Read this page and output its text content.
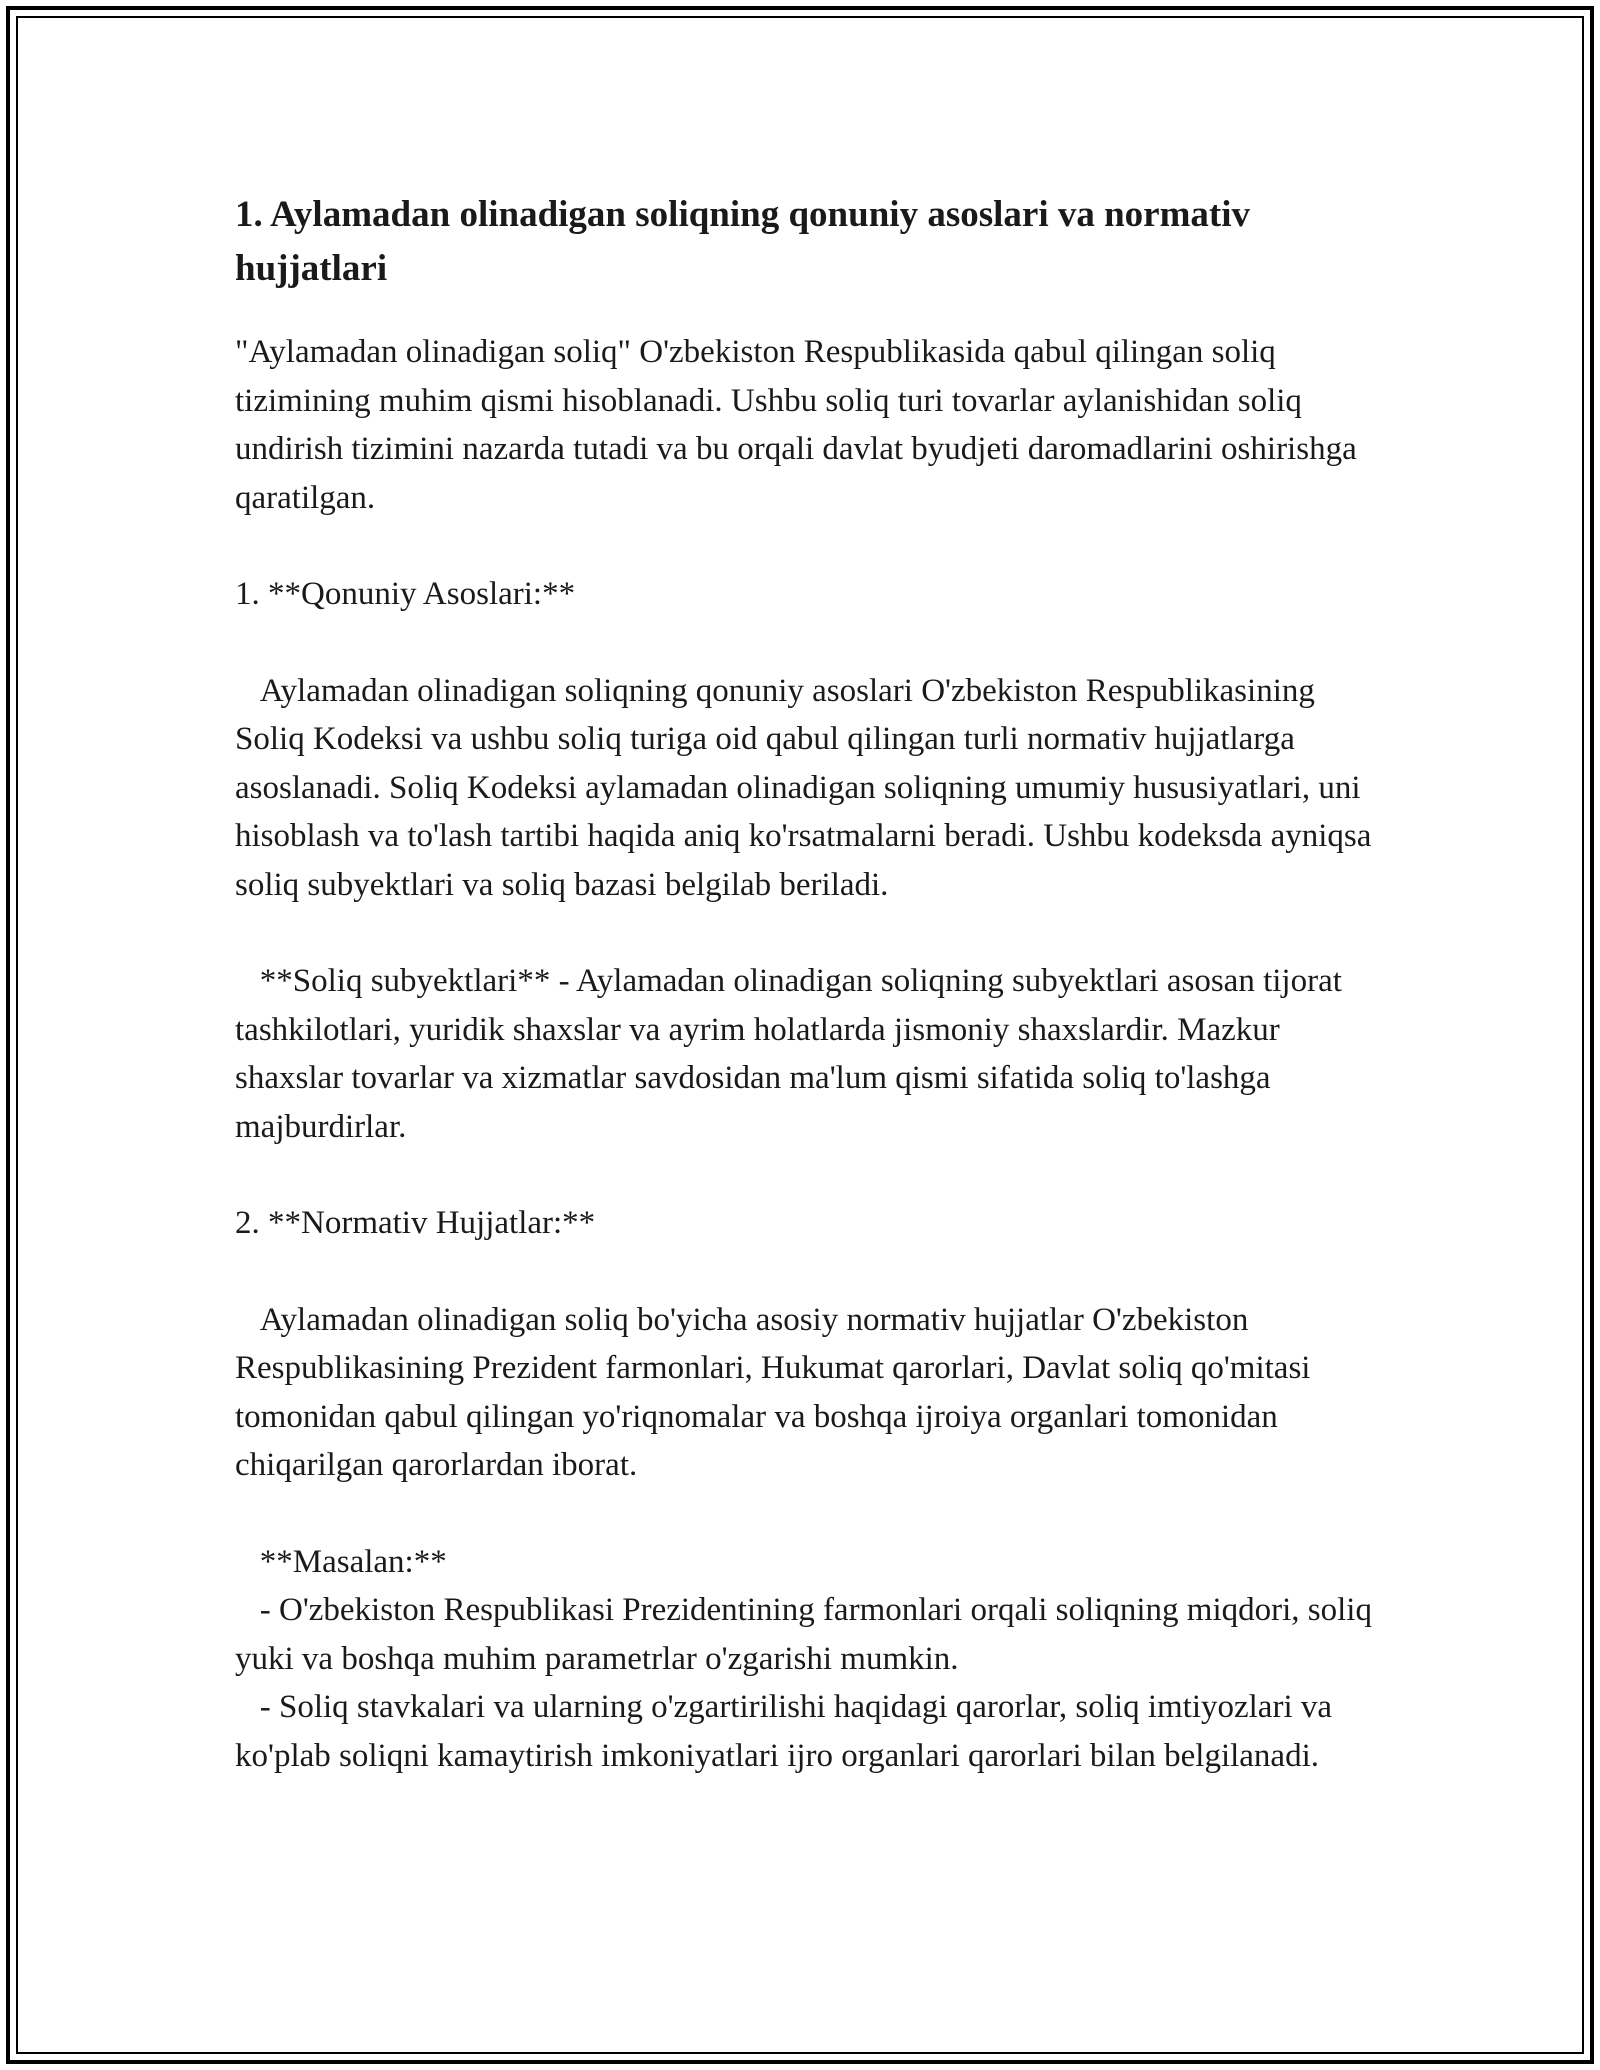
1. Aylamadan olinadigan soliqning qonuniy asoslari va normativ hujjatlari

"Aylamadan olinadigan soliq" O'zbekiston Respublikasida qabul qilingan soliq tizimining muhim qismi hisoblanadi. Ushbu soliq turi tovarlar aylanishidan soliq undirish tizimini nazarda tutadi va bu orqali davlat byudjeti daromadlarini oshirishga qaratilgan.

1. **Qonuniy Asoslari:**

Aylamadan olinadigan soliqning qonuniy asoslari O'zbekiston Respublikasining Soliq Kodeksi va ushbu soliq turiga oid qabul qilingan turli normativ hujjatlarga asoslanadi. Soliq Kodeksi aylamadan olinadigan soliqning umumiy hususiyatlari, uni hisoblash va to'lash tartibi haqida aniq ko'rsatmalarni beradi. Ushbu kodeksda ayniqsa soliq subyektlari va soliq bazasi belgilab beriladi.

**Soliq subyektlari** - Aylamadan olinadigan soliqning subyektlari asosan tijorat tashkilotlari, yuridik shaxslar va ayrim holatlarda jismoniy shaxslardir. Mazkur shaxslar tovarlar va xizmatlar savdosidan ma'lum qismi sifatida soliq to'lashga majburdirlar.

2. **Normativ Hujjatlar:**

Aylamadan olinadigan soliq bo'yicha asosiy normativ hujjatlar O'zbekiston Respublikasining Prezident farmonlari, Hukumat qarorlari, Davlat soliq qo'mitasi tomonidan qabul qilingan yo'riqnomalar va boshqa ijroiya organlari tomonidan chiqarilgan qarorlardan iborat.

**Masalan:**

- O'zbekiston Respublikasi Prezidentining farmonlari orqali soliqning miqdori, soliq yuki va boshqa muhim parametrlar o'zgarishi mumkin.

- Soliq stavkalari va ularning o'zgartirilishi haqidagi qarorlar, soliq imtiyozlari va ko'plab soliqni kamaytirish imkoniyatlari ijro organlari qarorlari bilan belgilanadi.
